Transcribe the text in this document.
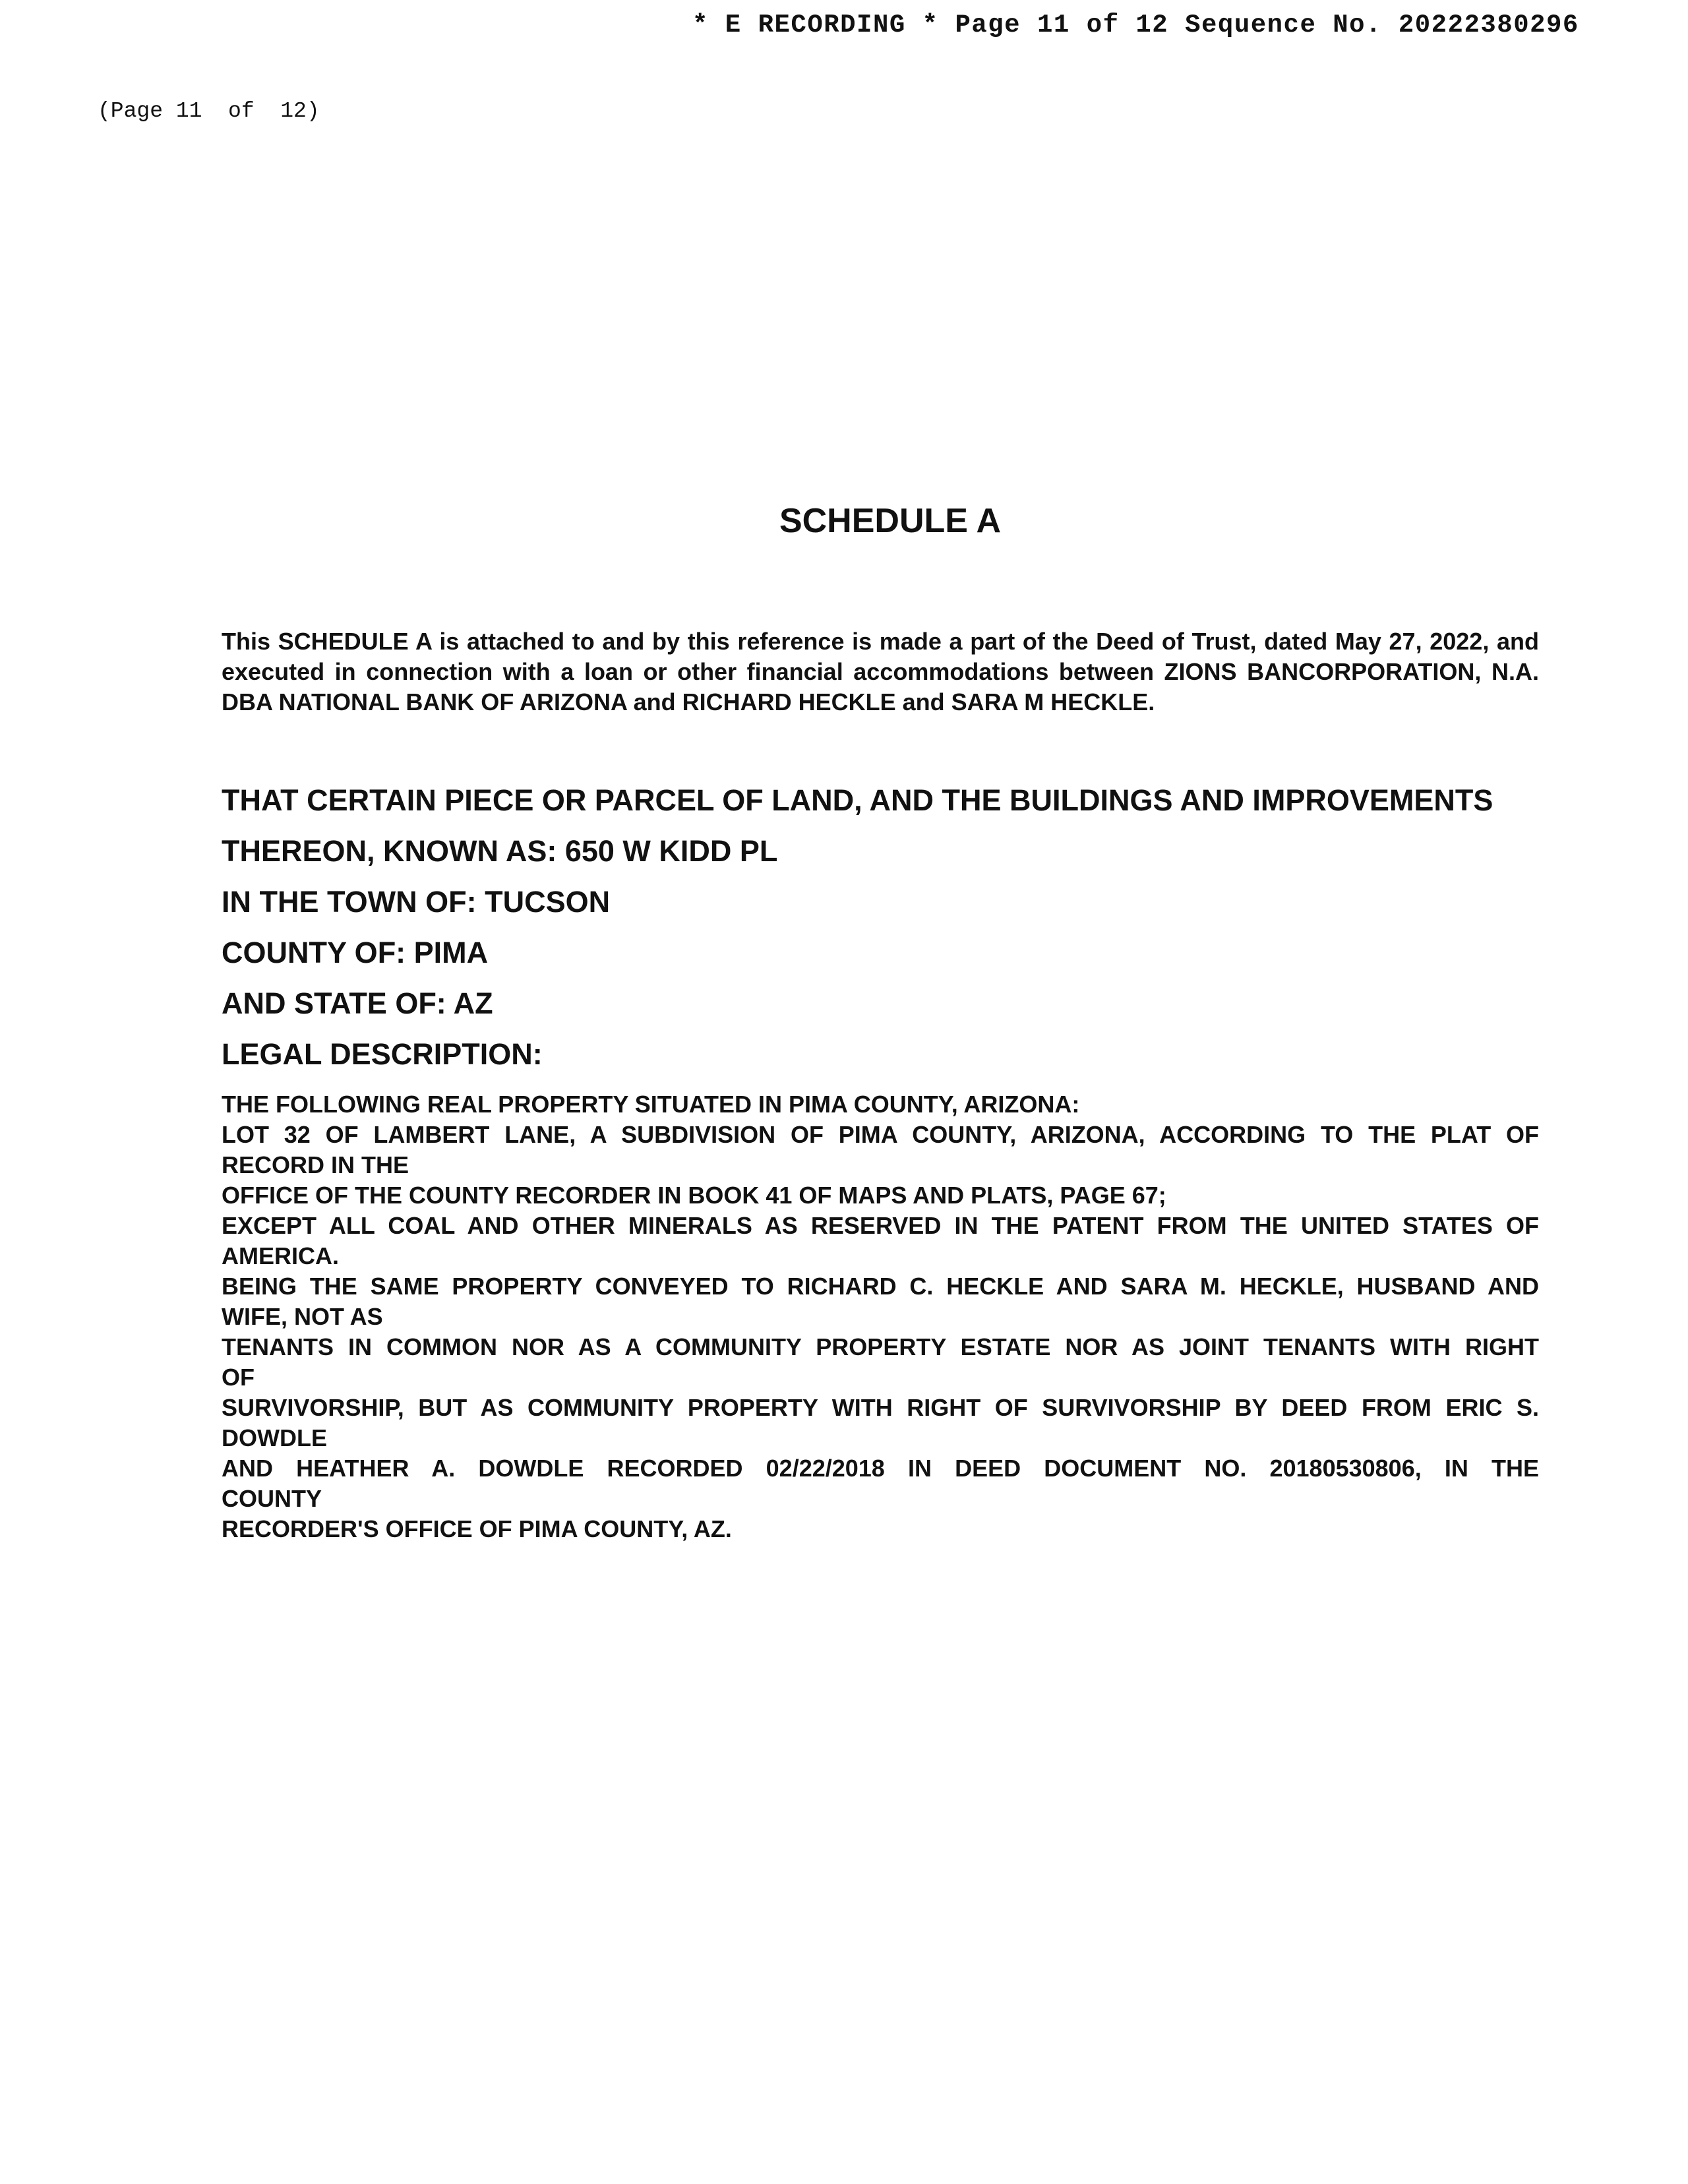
* E RECORDING * Page 11 of 12 Sequence No. 20222380296
(Page 11  of  12)
SCHEDULE A
This SCHEDULE A is attached to and by this reference is made a part of the Deed of Trust, dated May 27, 2022, and executed in connection with a loan or other financial accommodations between ZIONS BANCORPORATION, N.A. DBA NATIONAL BANK OF ARIZONA and RICHARD HECKLE and SARA M HECKLE.
THAT CERTAIN PIECE OR PARCEL OF LAND, AND THE BUILDINGS AND IMPROVEMENTS
THEREON, KNOWN AS: 650 W KIDD PL
IN THE TOWN OF: TUCSON
COUNTY OF: PIMA
AND STATE OF: AZ
LEGAL DESCRIPTION:
THE FOLLOWING REAL PROPERTY SITUATED IN PIMA COUNTY, ARIZONA:
LOT 32 OF LAMBERT LANE, A SUBDIVISION OF PIMA COUNTY, ARIZONA, ACCORDING TO THE PLAT OF
RECORD IN THE
OFFICE OF THE COUNTY RECORDER IN BOOK 41 OF MAPS AND PLATS, PAGE 67;
EXCEPT ALL COAL AND OTHER MINERALS AS RESERVED IN THE PATENT FROM THE UNITED STATES OF
AMERICA.
BEING THE SAME PROPERTY CONVEYED TO RICHARD C. HECKLE AND SARA M. HECKLE, HUSBAND AND
WIFE, NOT AS
TENANTS IN COMMON NOR AS A COMMUNITY PROPERTY ESTATE NOR AS JOINT TENANTS WITH RIGHT
OF
SURVIVORSHIP, BUT AS COMMUNITY PROPERTY WITH RIGHT OF SURVIVORSHIP BY DEED FROM ERIC S.
DOWDLE
AND HEATHER A. DOWDLE RECORDED 02/22/2018 IN DEED DOCUMENT NO. 20180530806, IN THE
COUNTY
RECORDER'S OFFICE OF PIMA COUNTY, AZ.
